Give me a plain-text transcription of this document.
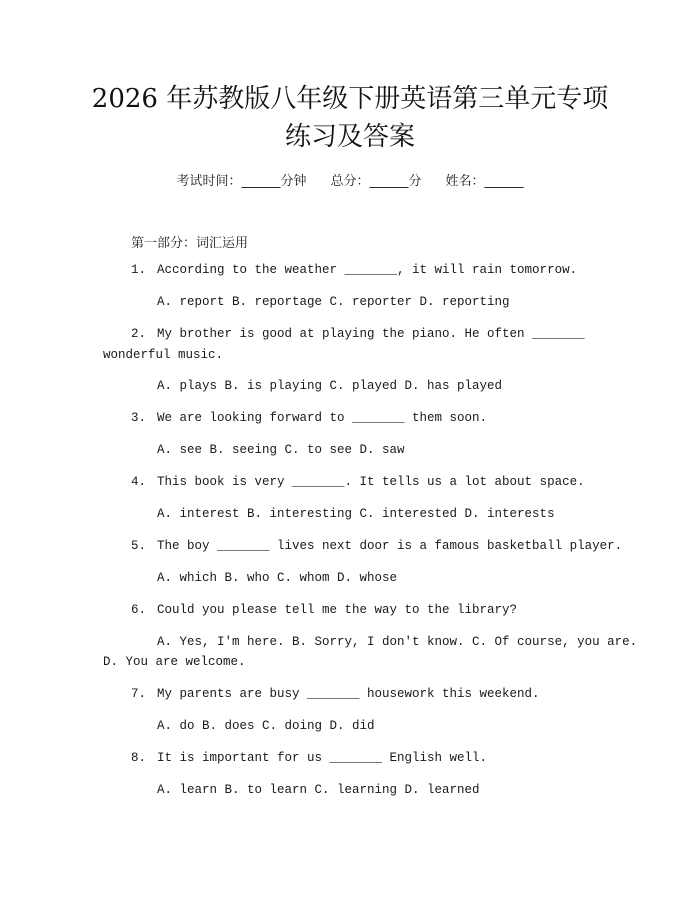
2026 年苏教版八年级下册英语第三单元专项
练习及答案
考试时间：______分钟 总分：______分 姓名：______
第一部分：词汇运用
1. According to the weather _______, it will rain tomorrow.
A. report B. reportage C. reporter D. reporting
2. My brother is good at playing the piano. He often _______
wonderful music.
A. plays B. is playing C. played D. has played
3. We are looking forward to _______ them soon.
A. see B. seeing C. to see D. saw
4. This book is very _______. It tells us a lot about space.
A. interest B. interesting C. interested D. interests
5. The boy _______ lives next door is a famous basketball player.
A. which B. who C. whom D. whose
6. Could you please tell me the way to the library?
A. Yes, I'm here. B. Sorry, I don't know. C. Of course, you are.
D. You are welcome.
7. My parents are busy _______ housework this weekend.
A. do B. does C. doing D. did
8. It is important for us _______ English well.
A. learn B. to learn C. learning D. learned
